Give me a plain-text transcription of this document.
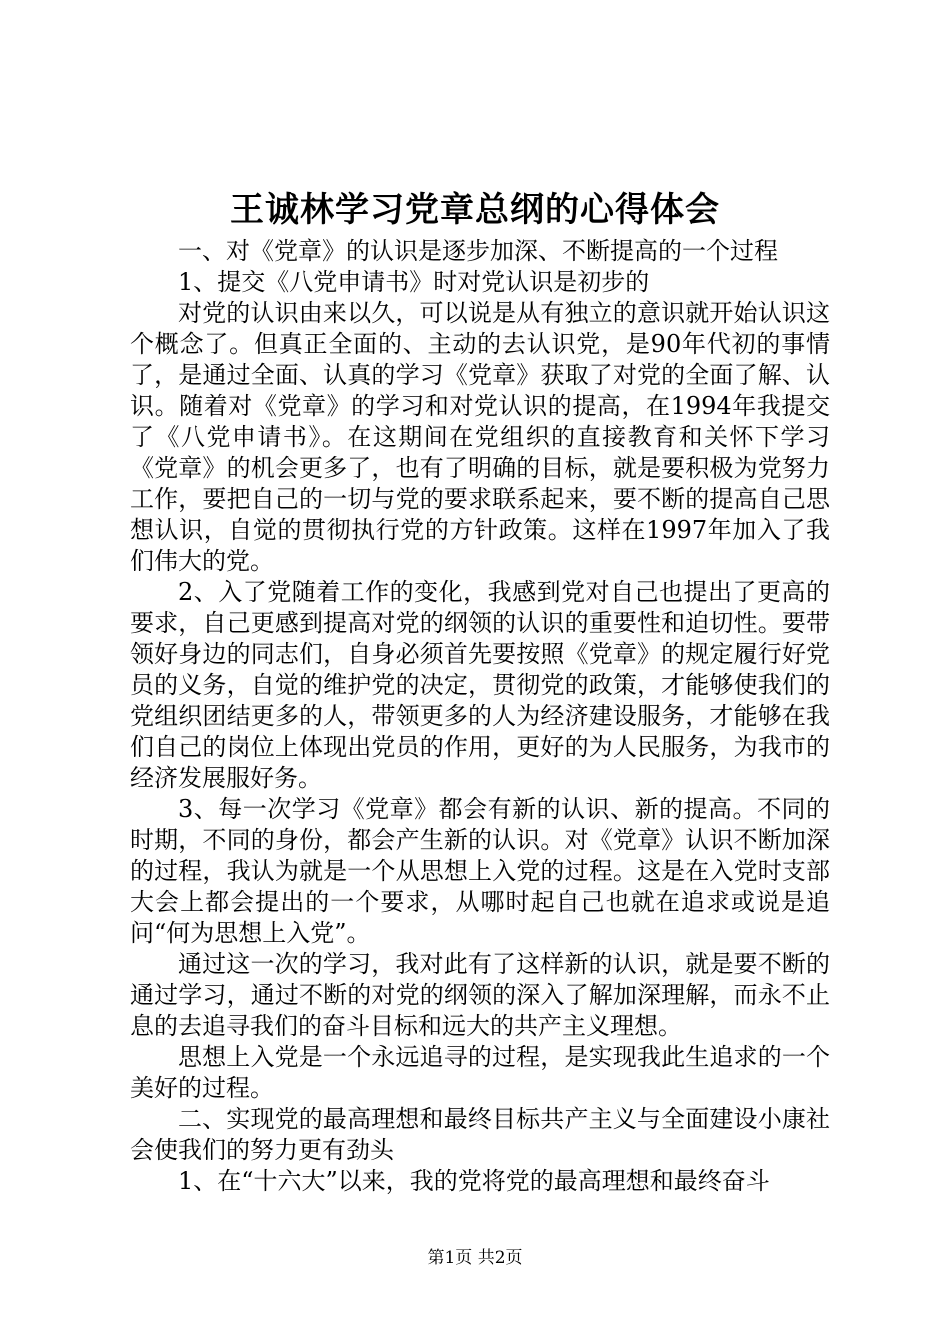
王诚林学习党章总纲的心得体会

一、对《党章》的认识是逐步加深、不断提高的一个过程

1、提交《八党申请书》时对党认识是初步的

对党的认识由来以久，可以说是从有独立的意识就开始认识这个概念了。但真正全面的、主动的去认识党，是90年代初的事情了，是通过全面、认真的学习《党章》获取了对党的全面了解、认识。随着对《党章》的学习和对党认识的提高，在1994年我提交了《八党申请书》。在这期间在党组织的直接教育和关怀下学习《党章》的机会更多了，也有了明确的目标，就是要积极为党努力工作，要把自己的一切与党的要求联系起来，要不断的提高自己思想认识，自觉的贯彻执行党的方针政策。这样在1997年加入了我们伟大的党。

2、入了党随着工作的变化，我感到党对自己也提出了更高的要求，自己更感到提高对党的纲领的认识的重要性和迫切性。要带领好身边的同志们，自身必须首先要按照《党章》的规定履行好党员的义务，自觉的维护党的决定，贯彻党的政策，才能够使我们的党组织团结更多的人，带领更多的人为经济建设服务，才能够在我们自己的岗位上体现出党员的作用，更好的为人民服务，为我市的经济发展服好务。

3、每一次学习《党章》都会有新的认识、新的提高。不同的时期，不同的身份，都会产生新的认识。对《党章》认识不断加深的过程，我认为就是一个从思想上入党的过程。这是在入党时支部大会上都会提出的一个要求，从哪时起自己也就在追求或说是追问“何为思想上入党”。

通过这一次的学习，我对此有了这样新的认识，就是要不断的通过学习，通过不断的对党的纲领的深入了解加深理解，而永不止息的去追寻我们的奋斗目标和远大的共产主义理想。

思想上入党是一个永远追寻的过程，是实现我此生追求的一个美好的过程。

二、实现党的最高理想和最终目标共产主义与全面建设小康社会使我们的努力更有劲头

1、在“十六大”以来，我的党将党的最高理想和最终奋斗

第1页 共2页
